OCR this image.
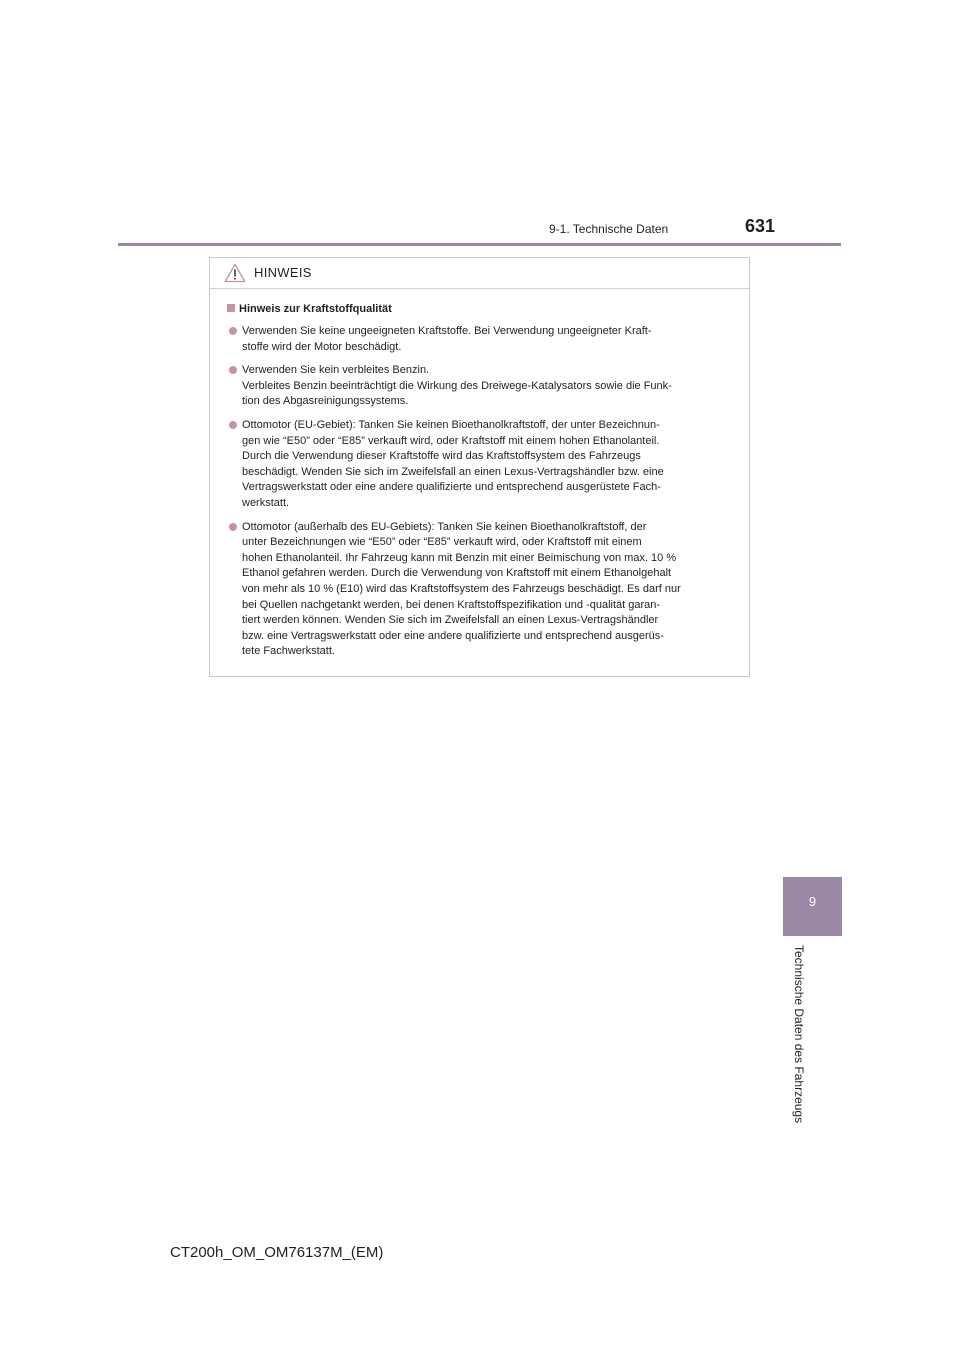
9-1. Technische Daten	631
9
Technische Daten des Fahrzeugs
HINWEIS
Hinweis zur Kraftstoffqualität
Verwenden Sie keine ungeeigneten Kraftstoffe. Bei Verwendung ungeeigneter Kraft-
stoffe wird der Motor beschädigt.
Verwenden Sie kein verbleites Benzin.
Verbleites Benzin beeinträchtigt die Wirkung des Dreiwege-Katalysators sowie die Funk-
tion des Abgasreinigungssystems.
Ottomotor (EU-Gebiet): Tanken Sie keinen Bioethanolkraftstoff, der unter Bezeichnun-
gen wie “E50” oder “E85” verkauft wird, oder Kraftstoff mit einem hohen Ethanolanteil.
Durch die Verwendung dieser Kraftstoffe wird das Kraftstoffsystem des Fahrzeugs
beschädigt. Wenden Sie sich im Zweifelsfall an einen Lexus-Vertragshändler bzw. eine
Vertragswerkstatt oder eine andere qualifizierte und entsprechend ausgerüstete Fach-
werkstatt.
Ottomotor (außerhalb des EU-Gebiets): Tanken Sie keinen Bioethanolkraftstoff, der
unter Bezeichnungen wie “E50” oder “E85” verkauft wird, oder Kraftstoff mit einem
hohen Ethanolanteil. Ihr Fahrzeug kann mit Benzin mit einer Beimischung von max. 10 %
Ethanol gefahren werden. Durch die Verwendung von Kraftstoff mit einem Ethanolgehalt
von mehr als 10 % (E10) wird das Kraftstoffsystem des Fahrzeugs beschädigt. Es darf nur
bei Quellen nachgetankt werden, bei denen Kraftstoffspezifikation und -qualität garan-
tiert werden können. Wenden Sie sich im Zweifelsfall an einen Lexus-Vertragshändler
bzw. eine Vertragswerkstatt oder eine andere qualifizierte und entsprechend ausgerüs-
tete Fachwerkstatt.
CT200h_OM_OM76137M_(EM)
